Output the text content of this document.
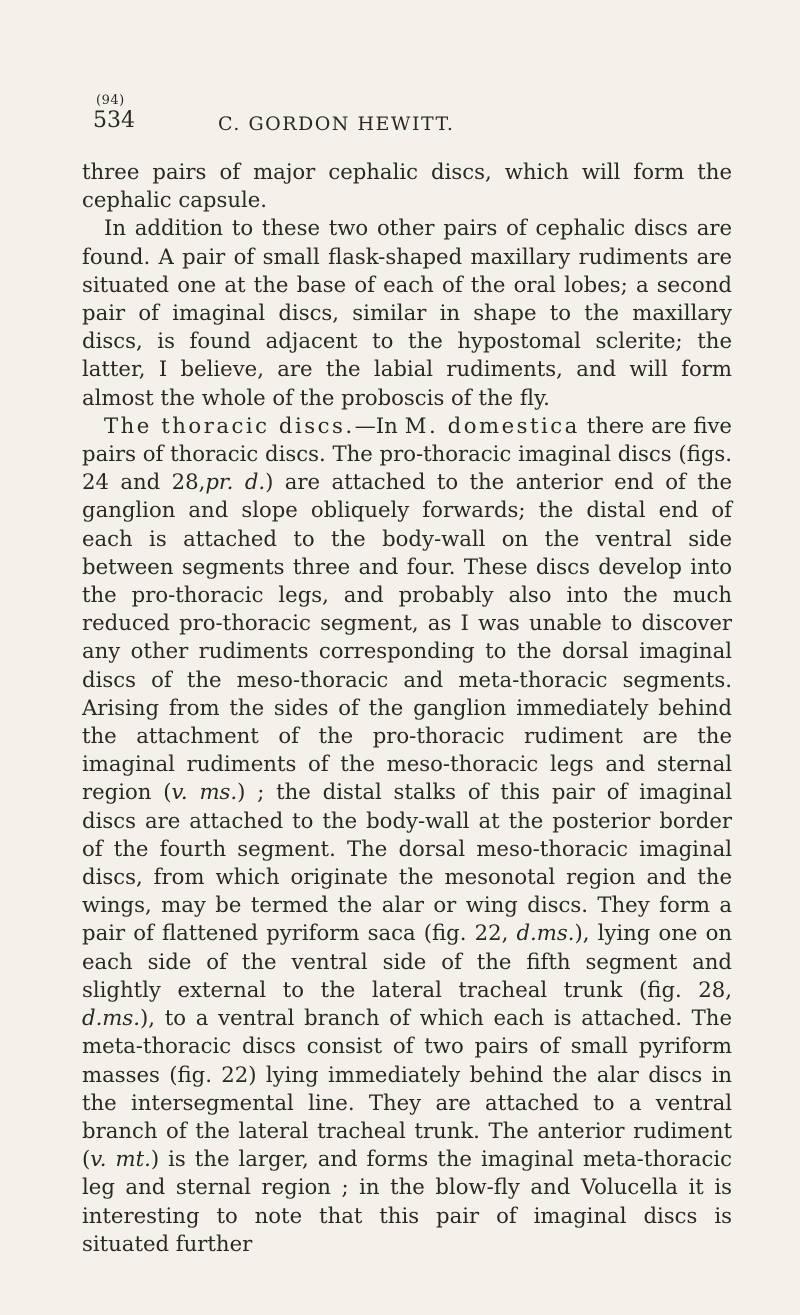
(94)
534	C. GORDON HEWITT.

three pairs of major cephalic discs, which will form the cephalic capsule.

In addition to these two other pairs of cephalic discs are found. A pair of small flask-shaped maxillary rudiments are situated one at the base of each of the oral lobes; a second pair of imaginal discs, similar in shape to the maxillary discs, is found adjacent to the hypostomal sclerite; the latter, I believe, are the labial rudiments, and will form almost the whole of the proboscis of the fly.

The thoracic discs.—In M. domestica there are five pairs of thoracic discs. The pro-thoracic imaginal discs (figs. 24 and 28,pr. d.) are attached to the anterior end of the ganglion and slope obliquely forwards; the distal end of each is attached to the body-wall on the ventral side between segments three and four. These discs develop into the pro-thoracic legs, and probably also into the much reduced pro-thoracic segment, as I was unable to discover any other rudiments corresponding to the dorsal imaginal discs of the meso-thoracic and meta-thoracic segments. Arising from the sides of the ganglion immediately behind the attachment of the pro-thoracic rudiment are the imaginal rudiments of the meso-thoracic legs and sternal region (v. ms.) ; the distal stalks of this pair of imaginal discs are attached to the body-wall at the posterior border of the fourth segment. The dorsal meso-thoracic imaginal discs, from which originate the mesonotal region and the wings, may be termed the alar or wing discs. They form a pair of flattened pyriform saca (fig. 22, d.ms.), lying one on each side of the ventral side of the fifth segment and slightly external to the lateral tracheal trunk (fig. 28, d.ms.), to a ventral branch of which each is attached. The meta-thoracic discs consist of two pairs of small pyriform masses (fig. 22) lying immediately behind the alar discs in the intersegmental line. They are attached to a ventral branch of the lateral tracheal trunk. The anterior rudiment (v. mt.) is the larger, and forms the imaginal meta-thoracic leg and sternal region ; in the blow-fly and Volucella it is interesting to note that this pair of imaginal discs is situated further
